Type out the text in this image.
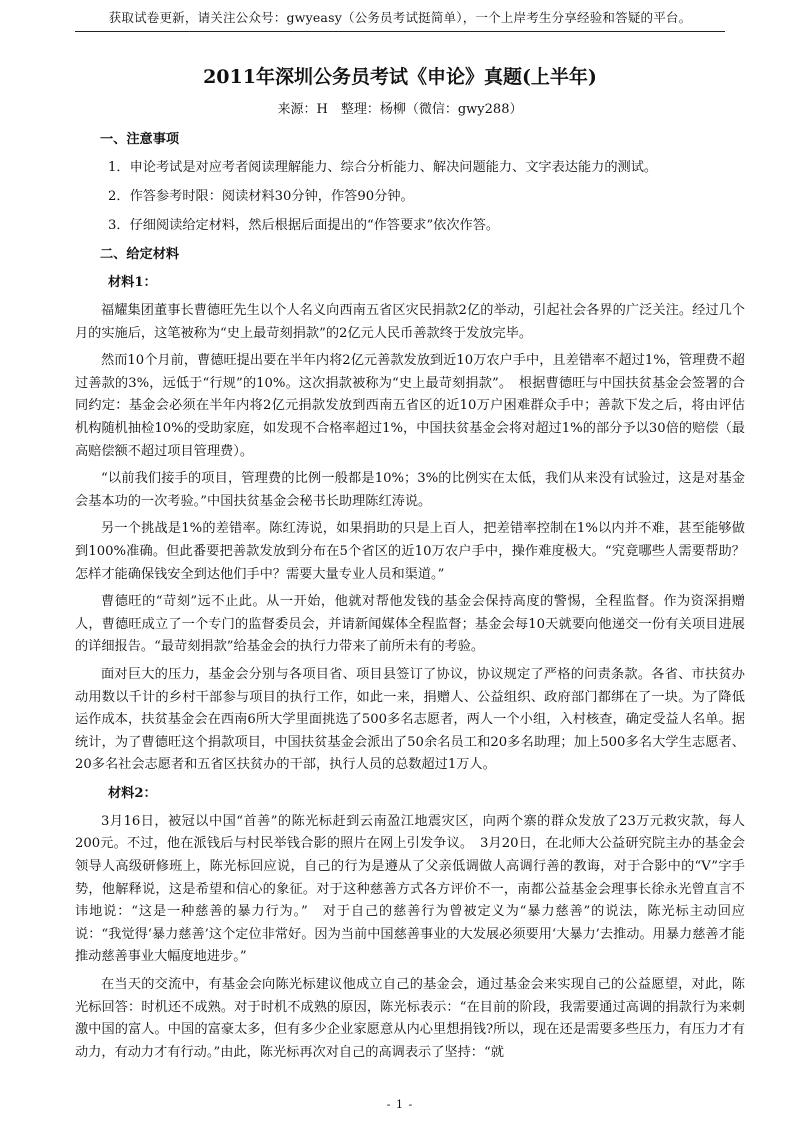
获取试卷更新，请关注公众号：gwyeasy（公务员考试挺简单），一个上岸考生分享经验和答疑的平台。
2011年深圳公务员考试《申论》真题(上半年)
来源：H　整理：杨柳（微信：gwy288）
一、注意事项
1．申论考试是对应考者阅读理解能力、综合分析能力、解决问题能力、文字表达能力的测试。
2．作答参考时限：阅读材料30分钟，作答90分钟。
3．仔细阅读给定材料，然后根据后面提出的“作答要求”依次作答。
二、给定材料
材料1：

福耀集团董事长曹德旺先生以个人名义向西南五省区灾民捐款2亿的举动，引起社会各界的广泛关注。经过几个月的实施后，这笔被称为“史上最苛刻捐款”的2亿元人民币善款终于发放完毕。

然而10个月前，曹德旺提出要在半年内将2亿元善款发放到近10万农户手中，且差错率不超过1%，管理费不超过善款的3%，远低于“行规”的10%。这次捐款被称为“史上最苛刻捐款”。　根据曹德旺与中国扶贫基金会签署的合同约定：基金会必须在半年内将2亿元捐款发放到西南五省区的近10万户困难群众手中；善款下发之后，将由评估机构随机抽检10%的受助家庭，如发现不合格率超过1%，中国扶贫基金会将对超过1%的部分予以30倍的赔偿（最高赔偿额不超过项目管理费）。

“以前我们接手的项目，管理费的比例一般都是10%；3%的比例实在太低，我们从来没有试验过，这是对基金会基本功的一次考验。”中国扶贫基金会秘书长助理陈红涛说。

另一个挑战是1%的差错率。陈红涛说，如果捐助的只是上百人，把差错率控制在1%以内并不难，甚至能够做到100%准确。但此番要把善款发放到分布在5个省区的近10万农户手中，操作难度极大。“究竟哪些人需要帮助？怎样才能确保钱安全到达他们手中？需要大量专业人员和渠道。”

曹德旺的“苛刻”远不止此。从一开始，他就对帮他发钱的基金会保持高度的警惕，全程监督。作为资深捐赠人，曹德旺成立了一个专门的监督委员会，并请新闻媒体全程监督；基金会每10天就要向他递交一份有关项目进展的详细报告。“最苛刻捐款”给基金会的执行力带来了前所未有的考验。

面对巨大的压力，基金会分别与各项目省、项目县签订了协议，协议规定了严格的问责条款。各省、市扶贫办动用数以千计的乡村干部参与项目的执行工作，如此一来，捐赠人、公益组织、政府部门都绑在了一块。为了降低运作成本，扶贫基金会在西南6所大学里面挑选了500多名志愿者，两人一个小组，入村核查，确定受益人名单。据统计，为了曹德旺这个捐款项目，中国扶贫基金会派出了50余名员工和20多名助理；加上500多名大学生志愿者、20多名社会志愿者和五省区扶贫办的干部，执行人员的总数超过1万人。

材料2：

3月16日，被冠以中国“首善”的陈光标赶到云南盈江地震灾区，向两个寨的群众发放了23万元救灾款，每人200元。不过，他在派钱后与村民举钱合影的照片在网上引发争议。　3月20日，在北师大公益研究院主办的基金会领导人高级研修班上，陈光标回应说，自己的行为是遵从了父亲低调做人高调行善的教诲，对于合影中的“V”字手势，他解释说，这是希望和信心的象征。对于这种慈善方式各方评价不一，南都公益基金会理事长徐永光曾直言不讳地说：“这是一种慈善的暴力行为。”　对于自己的慈善行为曾被定义为“暴力慈善”的说法，陈光标主动回应说：“我觉得‘暴力慈善’这个定位非常好。因为当前中国慈善事业的大发展必须要用‘大暴力’去推动。用暴力慈善才能推动慈善事业大幅度地进步。”

在当天的交流中，有基金会向陈光标建议他成立自己的基金会，通过基金会来实现自己的公益愿望，对此，陈光标回答：时机还不成熟。对于时机不成熟的原因，陈光标表示：“在目前的阶段，我需要通过高调的捐款行为来刺激中国的富人。中国的富豪太多，但有多少企业家愿意从内心里想捐钱?所以，现在还是需要多些压力，有压力才有动力，有动力才有行动。”由此，陈光标再次对自己的高调表示了坚持：“就

- 1 -
